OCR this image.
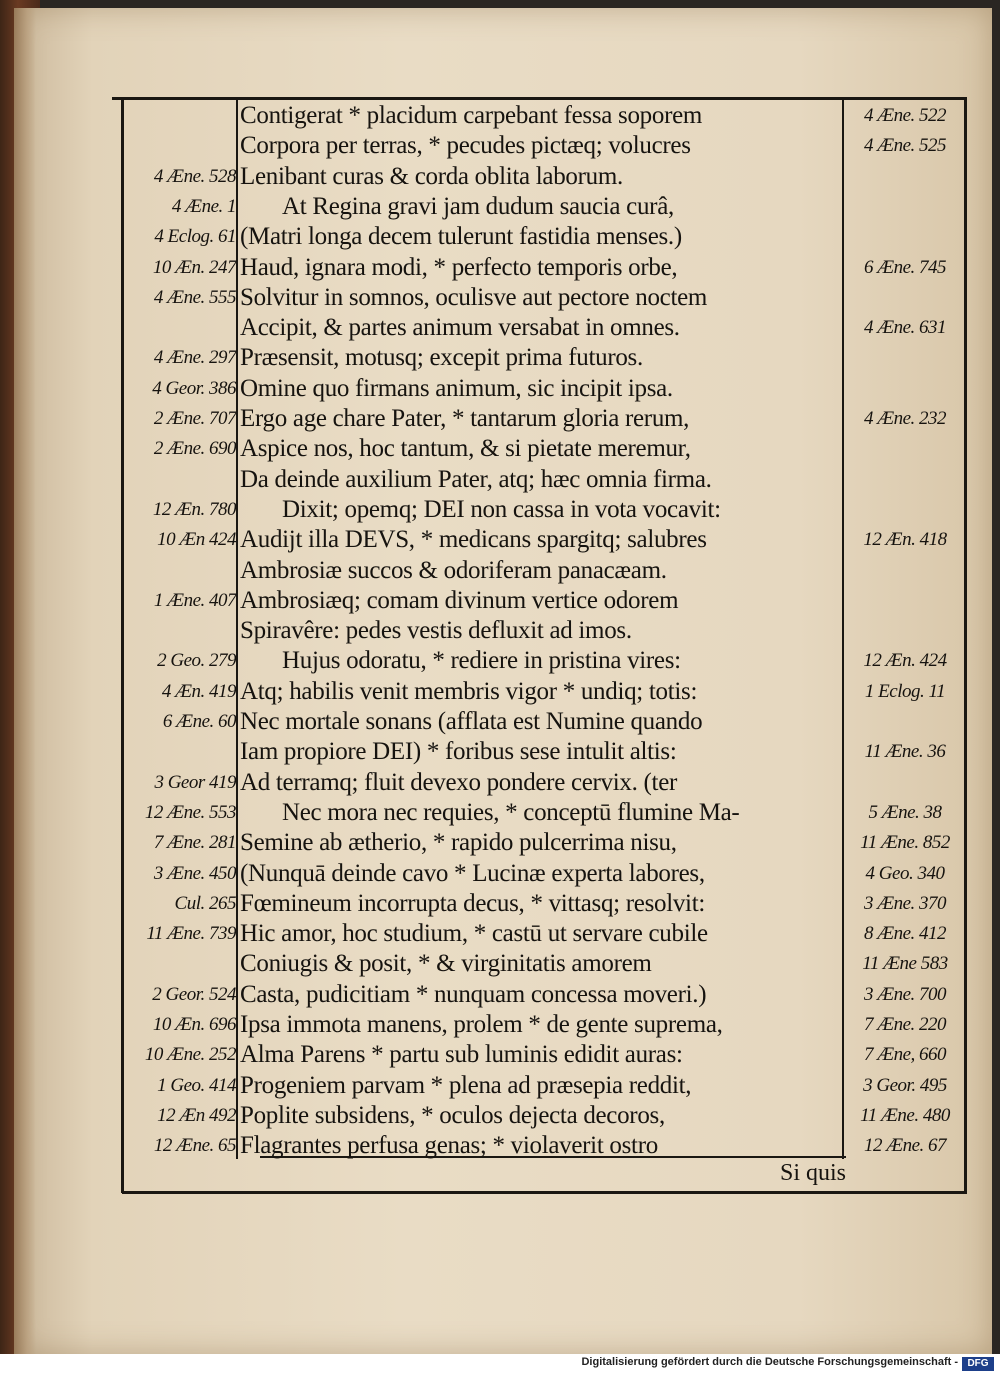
Contigerat * placidum carpebant fessa soporem	4 Æne. 522
Corpora per terras, * pecudes pictæq; volucres	4 Æne. 525
4 Æne. 528 Lenibant curas & corda oblita laborum.
4 Æne. 1	At Regina gravi jam dudum saucia curâ,
4 Eclog. 61 (Matri longa decem tulerunt fastidia menses.)
10 Æn. 247 Haud, ignara modi, * perfecto temporis orbe,	6 Æne. 745
4 Æne. 555 Solvitur in somnos, oculisve aut pectore noctem
Accipit, & partes animum versabat in omnes.	4 Æne. 631
4 Æne. 297 Præsensit, motusq; excepit prima futuros.
4 Geor. 386 Omine quo firmans animum, sic incipit ipsa.
2 Æne. 707 Ergo age chare Pater, * tantarum gloria rerum,	4 Æne. 232
2 Æne. 690 Aspice nos, hoc tantum, & si pietate meremur,
Da deinde auxilium Pater, atq; hæc omnia firma.
12 Æn. 780	Dixit; opemq; DEI non cassa in vota vocavit:
10 Æn 424 Audijt illa DEVS, * medicans spargitq; salubres	12 Æn. 418
Ambrosiæ succos & odoriferam panacæam.
1 Æne. 407 Ambrosiæq; comam divinum vertice odorem
Spiravêre: pedes vestis defluxit ad imos.
2 Geo. 279	Hujus odoratu, * rediere in pristina vires:	12 Æn. 424
4 Æn. 419 Atq; habilis venit membris vigor * undiq; totis:	1 Eclog. 11
6 Æne. 60 Nec mortale sonans (afflata est Numine quando
Iam propiore DEI) * foribus sese intulit altis:	11 Æne. 36
3 Geor 419 Ad terramq; fluit devexo pondere cervix. (ter
12 Æne. 553	Nec mora nec requies, * conceptū flumine Ma-	5 Æne. 38
7 Æne. 281 Semine ab ætherio, * rapido pulcerrima nisu,	11 Æne. 852
3 Æne. 450 (Nunquā deinde cavo * Lucinæ experta labores,	4 Geo. 340
Cul. 265 Fœmineum incorrupta decus, * vittasq; resolvit:	3 Æne. 370
11 Æne. 739 Hic amor, hoc studium, * castū ut servare cubile	8 Æne. 412
Coniugis & posit, * & virginitatis amorem	11 Æne 583
2 Geor. 524 Casta, pudicitiam * nunquam concessa moveri.)	3 Æne. 700
10 Æn. 696 Ipsa immota manens, prolem * de gente suprema,	7 Æne. 220
10 Æne. 252 Alma Parens * partu sub luminis edidit auras:	7 Æne, 660
1 Geo. 414 Progeniem parvam * plena ad præsepia reddit,	3 Geor. 495
12 Æn 492 Poplite subsidens, * oculos dejecta decoros,	11 Æne. 480
12 Æne. 65 Flagrantes perfusa genas; * violaverit ostro	12 Æne. 67
Si quis
Digitalisierung gefördert durch die Deutsche Forschungsgemeinschaft - DFG
